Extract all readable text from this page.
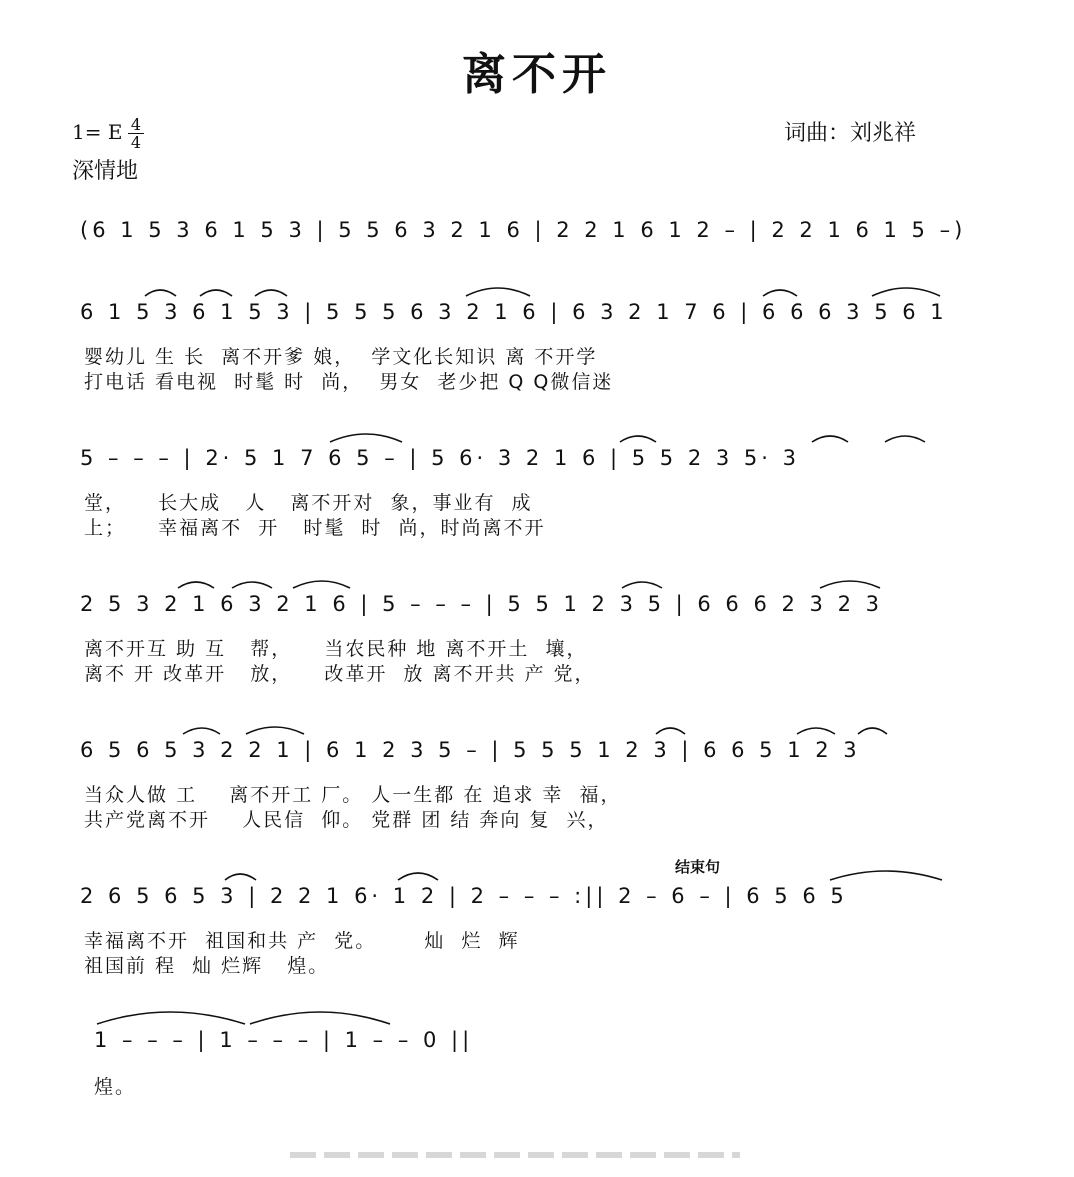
离不开
1= E 4
4
深情地
词曲：刘兆祥
结束句
(6 1 5 3 6 1 5 3 | 5 5 6 3 2 1 6 | 2 2 1 6 1 2 – | 2 2 1 6 1 5 –)
6 1 5 3 6 1 5 3 | 5 5 5 6 3 2 1 6 | 6 3 2 1 7 6 | 6 6 6 3 5 6 1
婴幼儿 生 长  离不开爹 娘，  学文化长知识 离 不开学
打电话 看电视  时髦 时  尚，  男女  老少把 Q Q微信迷
5 – – – | 2· 5 1 7 6 5 – | 5 6· 3 2 1 6 | 5 5 2 3 5· 3
堂，    长大成   人   离不开对  象，事业有  成
上；    幸福离不  开   时髦  时  尚，时尚离不开
2 5 3 2 1 6 3 2 1 6 | 5 – – – | 5 5 1 2 3 5 | 6 6 6 2 3 2 3
离不开互 助 互   帮，    当农民种 地 离不开土  壤，
离不 开 改革开   放，    改革开  放 离不开共 产 党，
6 5 6 5 3 2 2 1 | 6 1 2 3 5 – | 5 5 5 1 2 3 | 6 6 5 1 2 3
当众人做 工    离不开工 厂。 人一生都 在 追求 幸  福，
共产党离不开    人民信  仰。 党群 团 结 奔向 复  兴，
2 6 5 6 5 3 | 2 2 1 6· 1 2 | 2 – – – :|| 2 – 6 – | 6 5 6 5
幸福离不开  祖国和共 产  党。      灿  烂  辉
祖国前 程  灿 烂辉   煌。
1 – – – | 1 – – – | 1 – – 0 ||
煌。
